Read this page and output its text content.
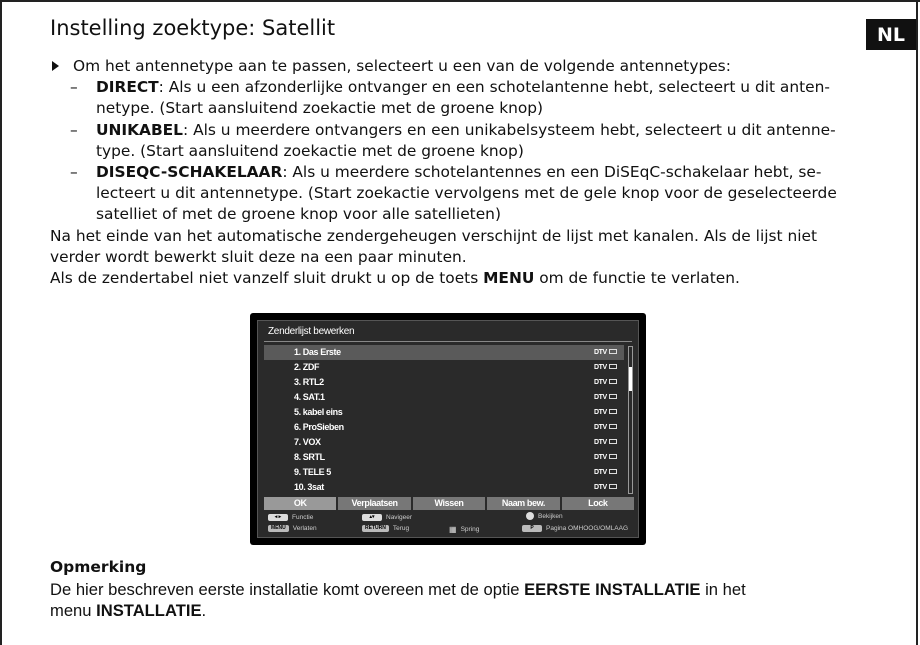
NL
Instelling zoektype: Satellit
Om het antennetype aan te passen, selecteert u een van de volgende antennetypes:
– DIRECT: Als u een afzonderlijke ontvanger en een schotelantenne hebt, selecteert u dit anten-
netype. (Start aansluitend zoekactie met de groene knop)
– UNIKABEL: Als u meerdere ontvangers en een unikabelsysteem hebt, selecteert u dit antenne-
type. (Start aansluitend zoekactie met de groene knop)
– DISEQC-SCHAKELAAR: Als u meerdere schotelantennes en een DiSEqC-schakelaar hebt, se-
lecteert u dit antennetype. (Start zoekactie vervolgens met de gele knop voor de geselecteerde
satelliet of met de groene knop voor alle satellieten)
Na het einde van het automatische zendergeheugen verschijnt de lijst met kanalen. Als de lijst niet
verder wordt bewerkt sluit deze na een paar minuten.
Als de zendertabel niet vanzelf sluit drukt u op de toets MENU om de functie te verlaten.
Zenderlijst bewerken
1. Das Erste	DTV
2. ZDF	DTV
3. RTL2	DTV
4. SAT.1	DTV
5. kabel eins	DTV
6. ProSieben	DTV
7. VOX	DTV
8. SRTL	DTV
9. TELE 5	DTV
10. 3sat	DTV
OK	Verplaatsen	Wissen	Naam bew.	Lock
◂ ▸	Functie	▴▾	Navigeer	Bekijken
MENU	Verlaten	RETURN	Terug	▦ Spring	P	Pagina OMHOOG/OMLAAG
Opmerking
De hier beschreven eerste installatie komt overeen met de optie EERSTE INSTALLATIE in het
menu INSTALLATIE.
